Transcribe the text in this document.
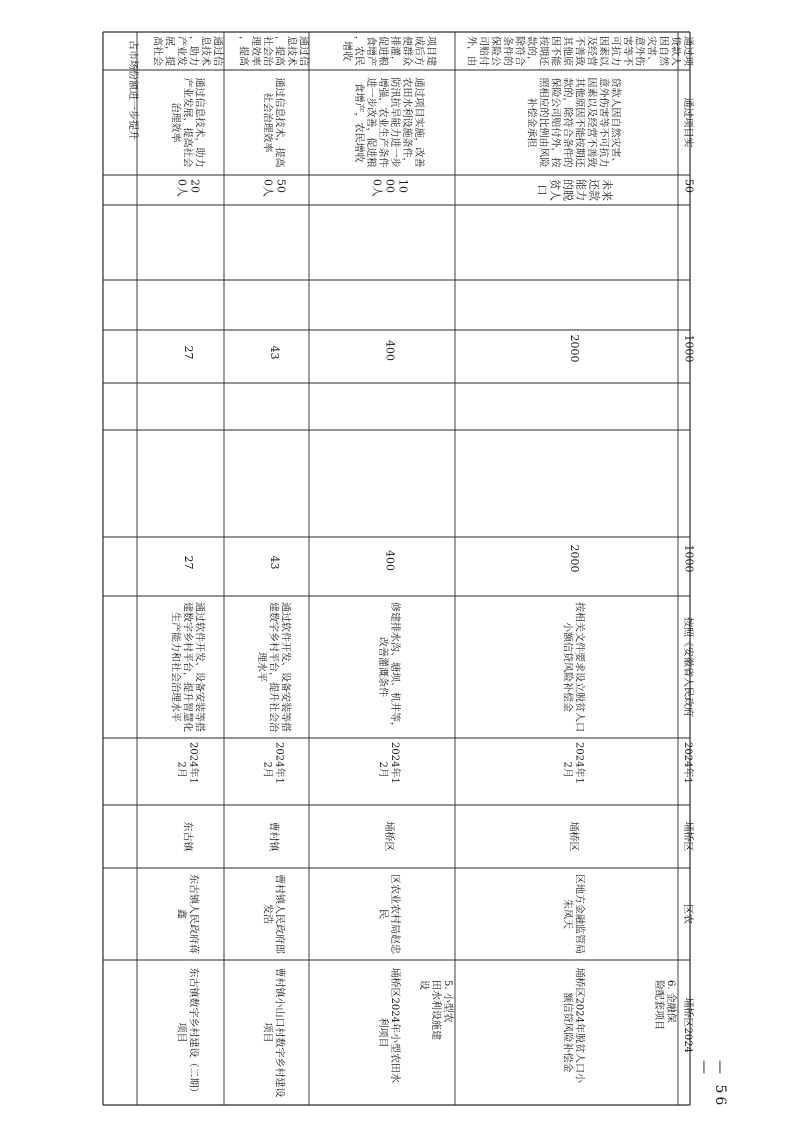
通过信
息技术
，助力
产业发
展，提
高社会
通过信息技术，助力
产业发展，提高社会
治理效率
20
0人
27
27
通过软件开发、设备安装等搭
建数字乡村平台，提升智慧化
生产能力和社会治理水平
2024年1
2月
东古镇
东古镇人民政府蒋
鑫
东古镇数字乡村建设（二期）
项目
通过信
息技术
，提高
社会治
理效率
，提高
通过信息技术，提高
社会治理效率
50
0人
43
43
通过软件开发、设备安装等搭
建数字乡村平台，提升社会治
理水平
2024年1
2月
曹村镇
曹村镇人民政府郎
发浩
曹村镇小山口村数字乡村建设
项目
项目建
成后方
便群众
排灌，
促进粮
食增产
，农民
增收
通过项目实施，改善
农田水利设施条件，
防汛抗旱能力进一步
增强，农业生产条件
进一步改善，促进粮
食增产，农民增收
10
00
0人
400
400
修建排水沟、塘坝、机井等，
改善灌溉条件
2024年1
2月
埇桥区
区农业农村局赵忠
民
埇桥区2024年小型农田水
利项目
5. 小型农
田水利设施建
设
贷款人
因自然
灾害、
意外伤
害等不
可抗力
因素以
及经营
不善致
其他原
因不能
按期还
款的，
除符合
条件的
保险公
司赔付
外，由
贷款人因自然灾害、
意外伤害等不可抗力
因素以及经营不善致
其他原因不能按期还
款的，除符合条件的
保险公司赔付外，按
照相应的比例由风险
补偿金承担
未来
还款
能力
的脱
贫人
口
2000
2000
按相关文件要求设立脱贫人口
小额信贷风险补偿金
2024年1
2月
埇桥区
区地方金融监管局
朱凤天
埇桥区2024年脱贫人口小
额信贷风险补偿金	6. 金融保
险配套项目
通过项
通过项目实
50
1000
1000
按照《安徽省人民政府
2024年1
埇桥区
区农
埇桥区2024
占市场份额进一步提升
— 56 —
